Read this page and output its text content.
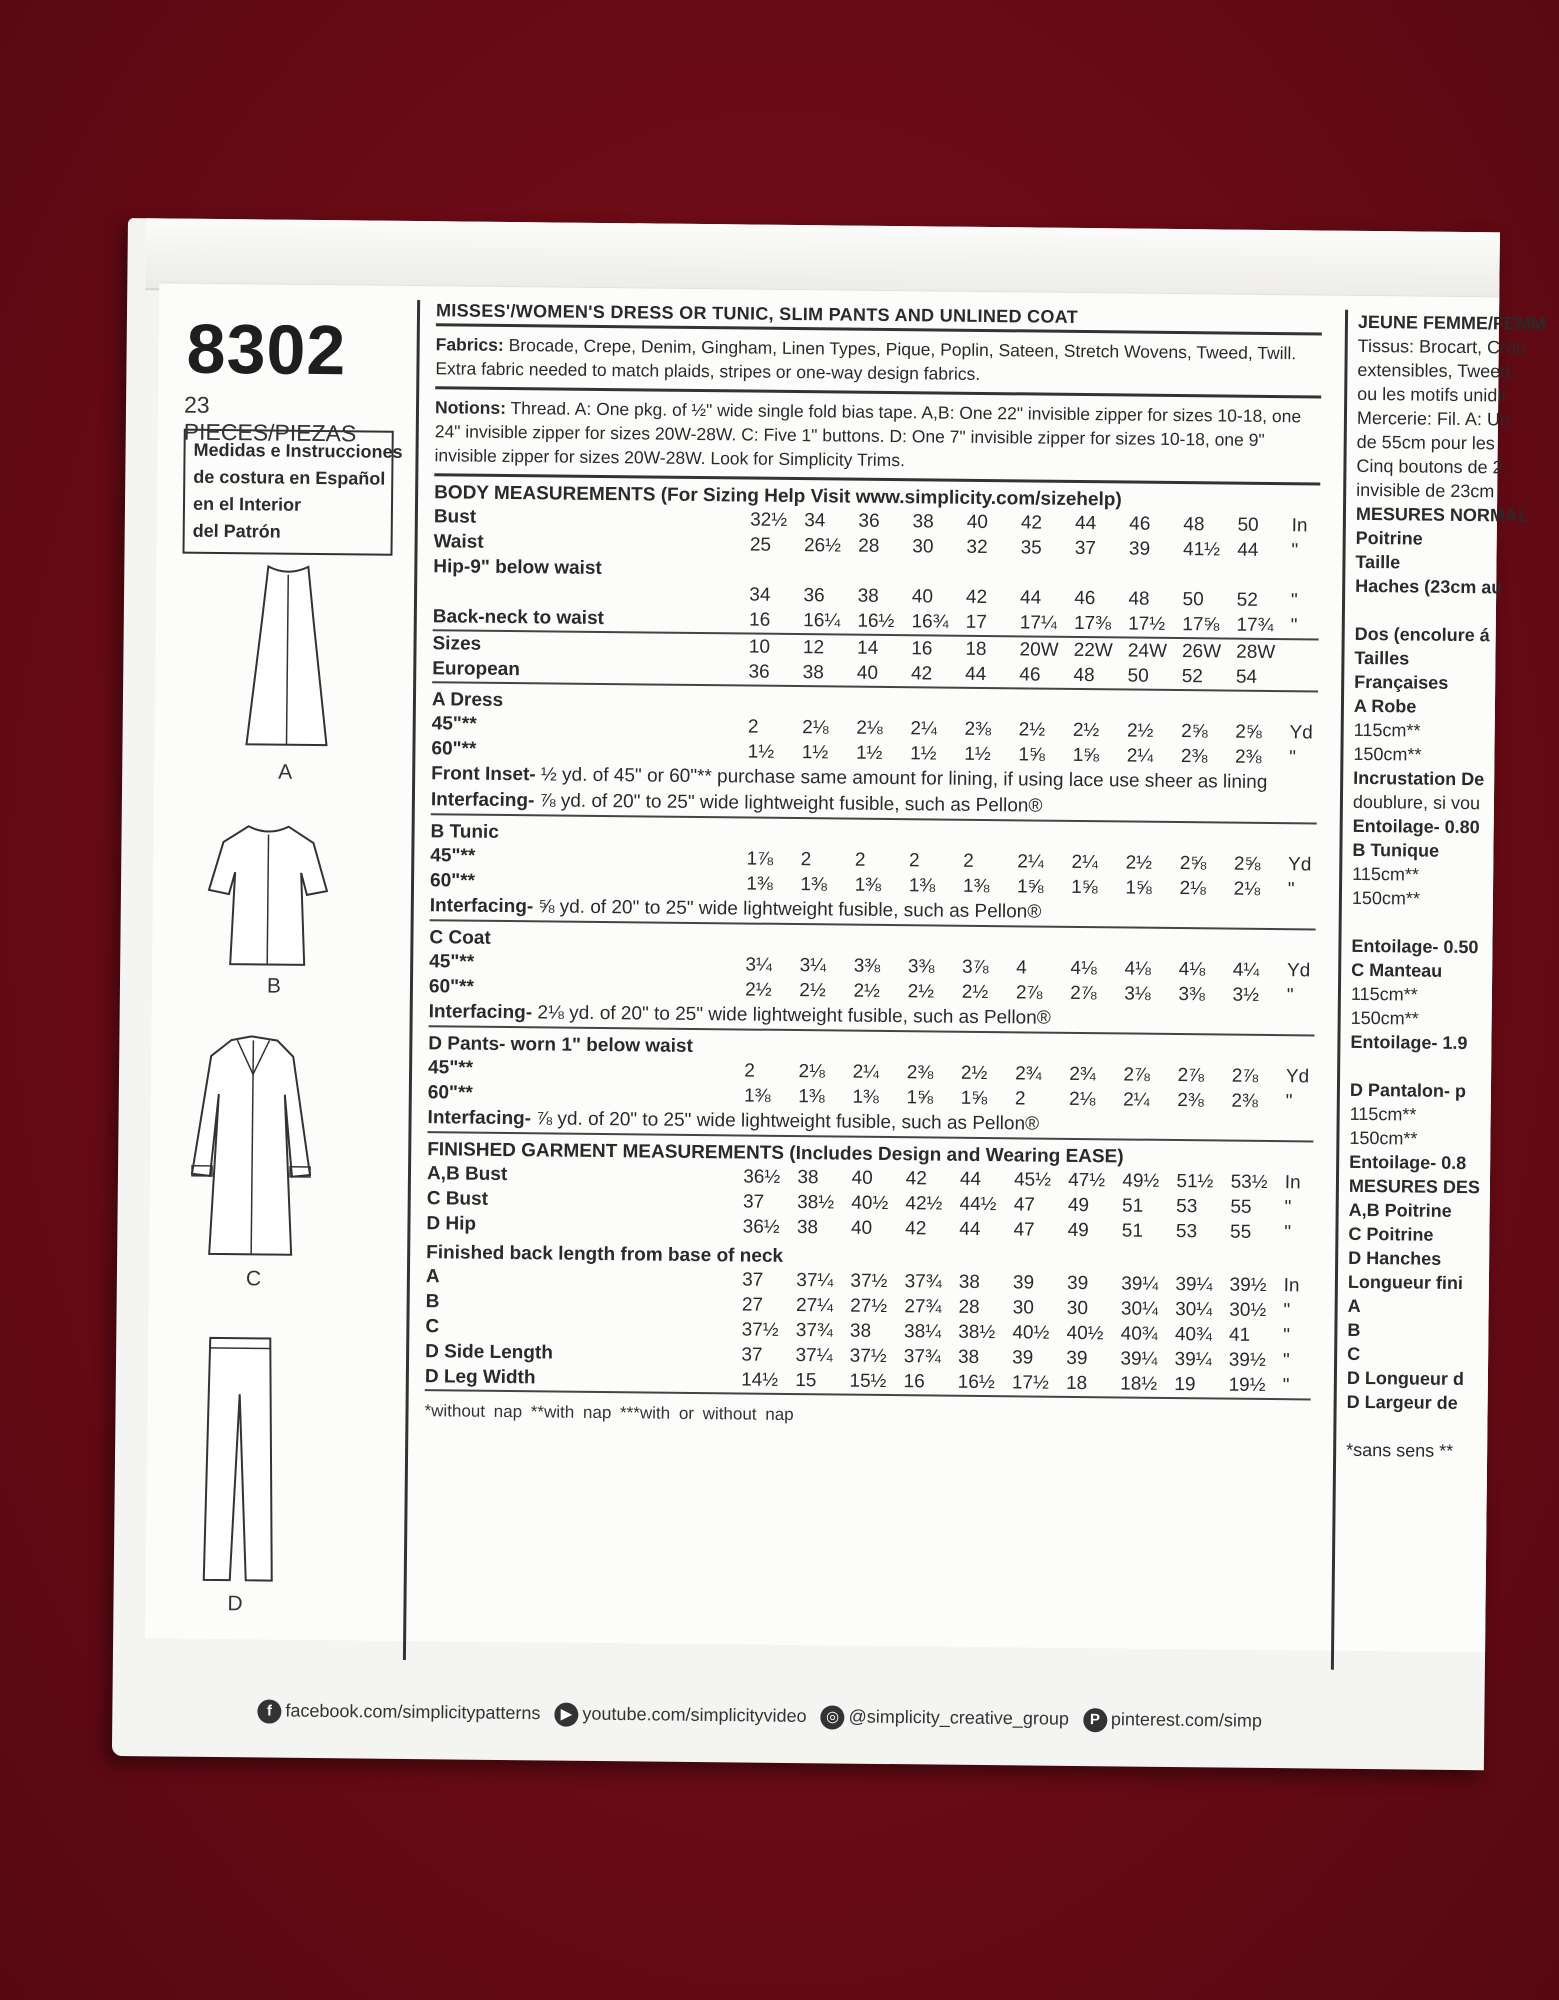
8302
23 PIECES/PIEZAS
Medidas e Instrucciones
de costura en Español
en el Interior
del Patrón
A
B
C
D
MISSES'/WOMEN'S DRESS OR TUNIC, SLIM PANTS AND UNLINED COAT
Fabrics: Brocade, Crepe, Denim, Gingham, Linen Types, Pique, Poplin, Sateen, Stretch Wovens, Tweed, Twill. Extra fabric needed to match plaids, stripes or one-way design fabrics.
Notions: Thread. A: One pkg. of ½" wide single fold bias tape. A,B: One 22" invisible zipper for sizes 10-18, one 24" invisible zipper for sizes 20W-28W. C: Five 1" buttons. D: One 7" invisible zipper for sizes 10-18, one 9" invisible zipper for sizes 20W-28W. Look for Simplicity Trims.
BODY MEASUREMENTS (For Sizing Help Visit www.simplicity.com/sizehelp)
Bust	32½	34	36	38	40	42	44	46	48	50	In
Waist	25	26½	28	30	32	35	37	39	41½	44	"
Hip-9" below waist											
	34	36	38	40	42	44	46	48	50	52	"
Back-neck to waist	16	16¼	16½	16¾	17	17¼	17⅜	17½	17⅝	17¾	"
Sizes	10	12	14	16	18	20W	22W	24W	26W	28W	
European	36	38	40	42	44	46	48	50	52	54	
A Dress
45"**	2	2⅛	2⅛	2¼	2⅜	2½	2½	2½	2⅝	2⅝	Yd
60"**	1½	1½	1½	1½	1½	1⅝	1⅝	2¼	2⅜	2⅜	"
Front Inset- ½ yd. of 45" or 60"** purchase same amount for lining, if using lace use sheer as lining
Interfacing- ⅞ yd. of 20" to 25" wide lightweight fusible, such as Pellon®
B Tunic
45"**	1⅞	2	2	2	2	2¼	2¼	2½	2⅝	2⅝	Yd
60"**	1⅜	1⅜	1⅜	1⅜	1⅜	1⅝	1⅝	1⅝	2⅛	2⅛	"
Interfacing- ⅝ yd. of 20" to 25" wide lightweight fusible, such as Pellon®
C Coat
45"**	3¼	3¼	3⅜	3⅜	3⅞	4	4⅛	4⅛	4⅛	4¼	Yd
60"**	2½	2½	2½	2½	2½	2⅞	2⅞	3⅛	3⅜	3½	"
Interfacing- 2⅛ yd. of 20" to 25" wide lightweight fusible, such as Pellon®
D Pants- worn 1" below waist
45"**	2	2⅛	2¼	2⅜	2½	2¾	2¾	2⅞	2⅞	2⅞	Yd
60"**	1⅜	1⅜	1⅜	1⅝	1⅝	2	2⅛	2¼	2⅜	2⅜	"
Interfacing- ⅞ yd. of 20" to 25" wide lightweight fusible, such as Pellon®
FINISHED GARMENT MEASUREMENTS (Includes Design and Wearing EASE)
A,B Bust	36½	38	40	42	44	45½	47½	49½	51½	53½	In
C Bust	37	38½	40½	42½	44½	47	49	51	53	55	"
D Hip	36½	38	40	42	44	47	49	51	53	55	"
Finished back length from base of neck
A	37	37¼	37½	37¾	38	39	39	39¼	39¼	39½	In
B	27	27¼	27½	27¾	28	30	30	30¼	30¼	30½	"
C	37½	37¾	38	38¼	38½	40½	40½	40¾	40¾	41	"
D Side Length	37	37¼	37½	37¾	38	39	39	39¼	39¼	39½	"
D Leg Width	14½	15	15½	16	16½	17½	18	18½	19	19½	"
*without nap **with nap ***with or without nap
JEUNE FEMME/FEMM
Tissus: Brocart, Crêp
extensibles, Tweed,
ou les motifs unidir
Mercerie: Fil. A: Un
de 55cm pour les
Cinq boutons de 2.
invisible de 23cm
MESURES NORMAL
Poitrine
Taille
Haches (23cm au

Dos (encolure á
Tailles
Françaises
A Robe
115cm**
150cm**
Incrustation De
doublure, si vou
Entoilage- 0.80
B Tunique
115cm**
150cm**

Entoilage- 0.50
C Manteau
115cm**
150cm**
Entoilage- 1.9

D Pantalon- p
115cm**
150cm**
Entoilage- 0.8
MESURES DES
A,B Poitrine
C Poitrine
D Hanches
Longueur fini
A
B
C
D Longueur d
D Largeur de

*sans sens **
f facebook.com/simplicitypatterns ▶ youtube.com/simplicityvideo ◎ @simplicity_creative_group P pinterest.com/simp
